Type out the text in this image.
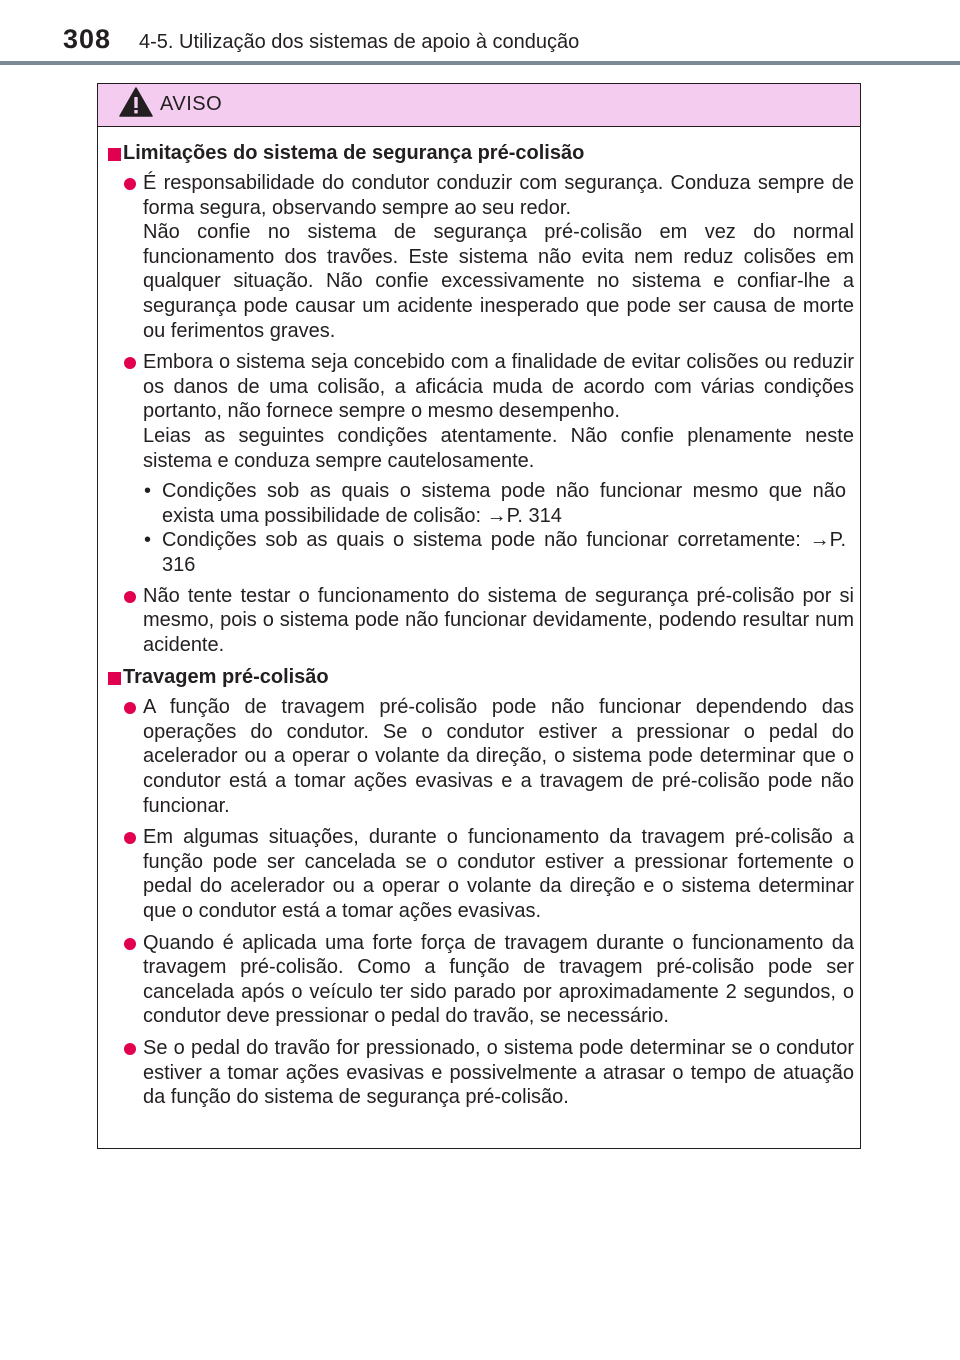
308 4-5. Utilização dos sistemas de apoio à condução
AVISO
Limitações do sistema de segurança pré-colisão
É responsabilidade do condutor conduzir com segurança. Conduza sempre de forma segura, observando sempre ao seu redor.
Não confie no sistema de segurança pré-colisão em vez do normal funcionamento dos travões. Este sistema não evita nem reduz colisões em qualquer situação. Não confie excessivamente no sistema e confiar-lhe a segurança pode causar um acidente inesperado que pode ser causa de morte ou ferimentos graves.
Embora o sistema seja concebido com a finalidade de evitar colisões ou reduzir os danos de uma colisão, a aficácia muda de acordo com várias condições portanto, não fornece sempre o mesmo desempenho.
Leias as seguintes condições atentamente. Não confie plenamente neste sistema e conduza sempre cautelosamente.
• Condições sob as quais o sistema pode não funcionar mesmo que não exista uma possibilidade de colisão: →P. 314
• Condições sob as quais o sistema pode não funcionar corretamente: →P. 316
Não tente testar o funcionamento do sistema de segurança pré-colisão por si mesmo, pois o sistema pode não funcionar devidamente, podendo resultar num acidente.
Travagem pré-colisão
A função de travagem pré-colisão pode não funcionar dependendo das operações do condutor. Se o condutor estiver a pressionar o pedal do acelerador ou a operar o volante da direção, o sistema pode determinar que o condutor está a tomar ações evasivas e a travagem de pré-colisão pode não funcionar.
Em algumas situações, durante o funcionamento da travagem pré-colisão a função pode ser cancelada se o condutor estiver a pressionar fortemente o pedal do acelerador ou a operar o volante da direção e o sistema determinar que o condutor está a tomar ações evasivas.
Quando é aplicada uma forte força de travagem durante o funcionamento da travagem pré-colisão. Como a função de travagem pré-colisão pode ser cancelada após o veículo ter sido parado por aproximadamente 2 segundos, o condutor deve pressionar o pedal do travão, se necessário.
Se o pedal do travão for pressionado, o sistema pode determinar se o condutor estiver a tomar ações evasivas e possivelmente a atrasar o tempo de atuação da função do sistema de segurança pré-colisão.
